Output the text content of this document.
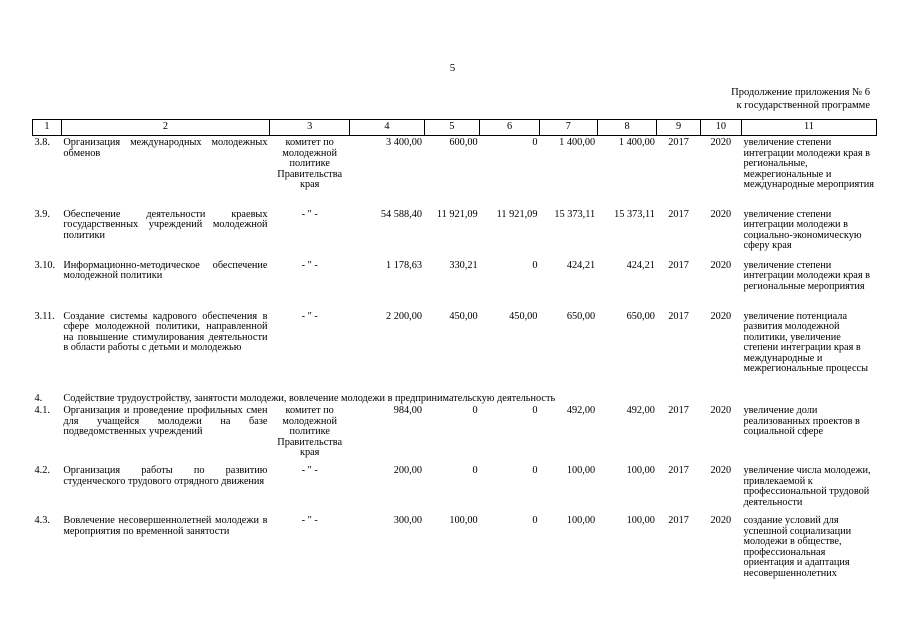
5
Продолжение приложения № 6
к государственной программе
1	2	3	4	5	6	7	8	9	10	11
3.8.	Организация международных молодежных обменов	комитет по молодежной политике Правительства края	3 400,00	600,00	0	1 400,00	1 400,00	2017	2020	увеличение степени интеграции молодежи края в региональные, межрегиональные и международные мероприятия
3.9.	Обеспечение деятельности краевых государственных учреждений молодежной политики	- " -	54 588,40	11 921,09	11 921,09	15 373,11	15 373,11	2017	2020	увеличение степени интеграции молодежи в социально-экономическую сферу края
3.10.	Информационно-методическое обеспечение молодежной политики	- " -	1 178,63	330,21	0	424,21	424,21	2017	2020	увеличение степени интеграции молодежи края в региональные мероприятия
3.11.	Создание системы кадрового обеспечения в сфере молодежной политики, направленной на повышение стимулирования деятельности в области работы с детьми и молодежью	- " -	2 200,00	450,00	450,00	650,00	650,00	2017	2020	увеличение потенциала развития молодежной политики, увеличение степени интеграции края в международные и межрегиональные процессы
4.	Содействие трудоустройству, занятости молодежи, вовлечение молодежи в предпринимательскую деятельность									
4.1.	Организация и проведение профильных смен для учащейся молодежи на базе подведомственных учреждений	комитет по молодежной политике Правительства края	984,00	0	0	492,00	492,00	2017	2020	увеличение доли реализованных проектов в социальной сфере
4.2.	Организация работы по развитию студенческого трудового отрядного движения	- " -	200,00	0	0	100,00	100,00	2017	2020	увеличение числа молодежи, привлекаемой к профессиональной трудовой деятельности
4.3.	Вовлечение несовершеннолетней молодежи в мероприятия по временной занятости	- " -	300,00	100,00	0	100,00	100,00	2017	2020	создание условий для успешной социализации молодежи в обществе, профессиональная ориентация и адаптация несовершеннолетних
